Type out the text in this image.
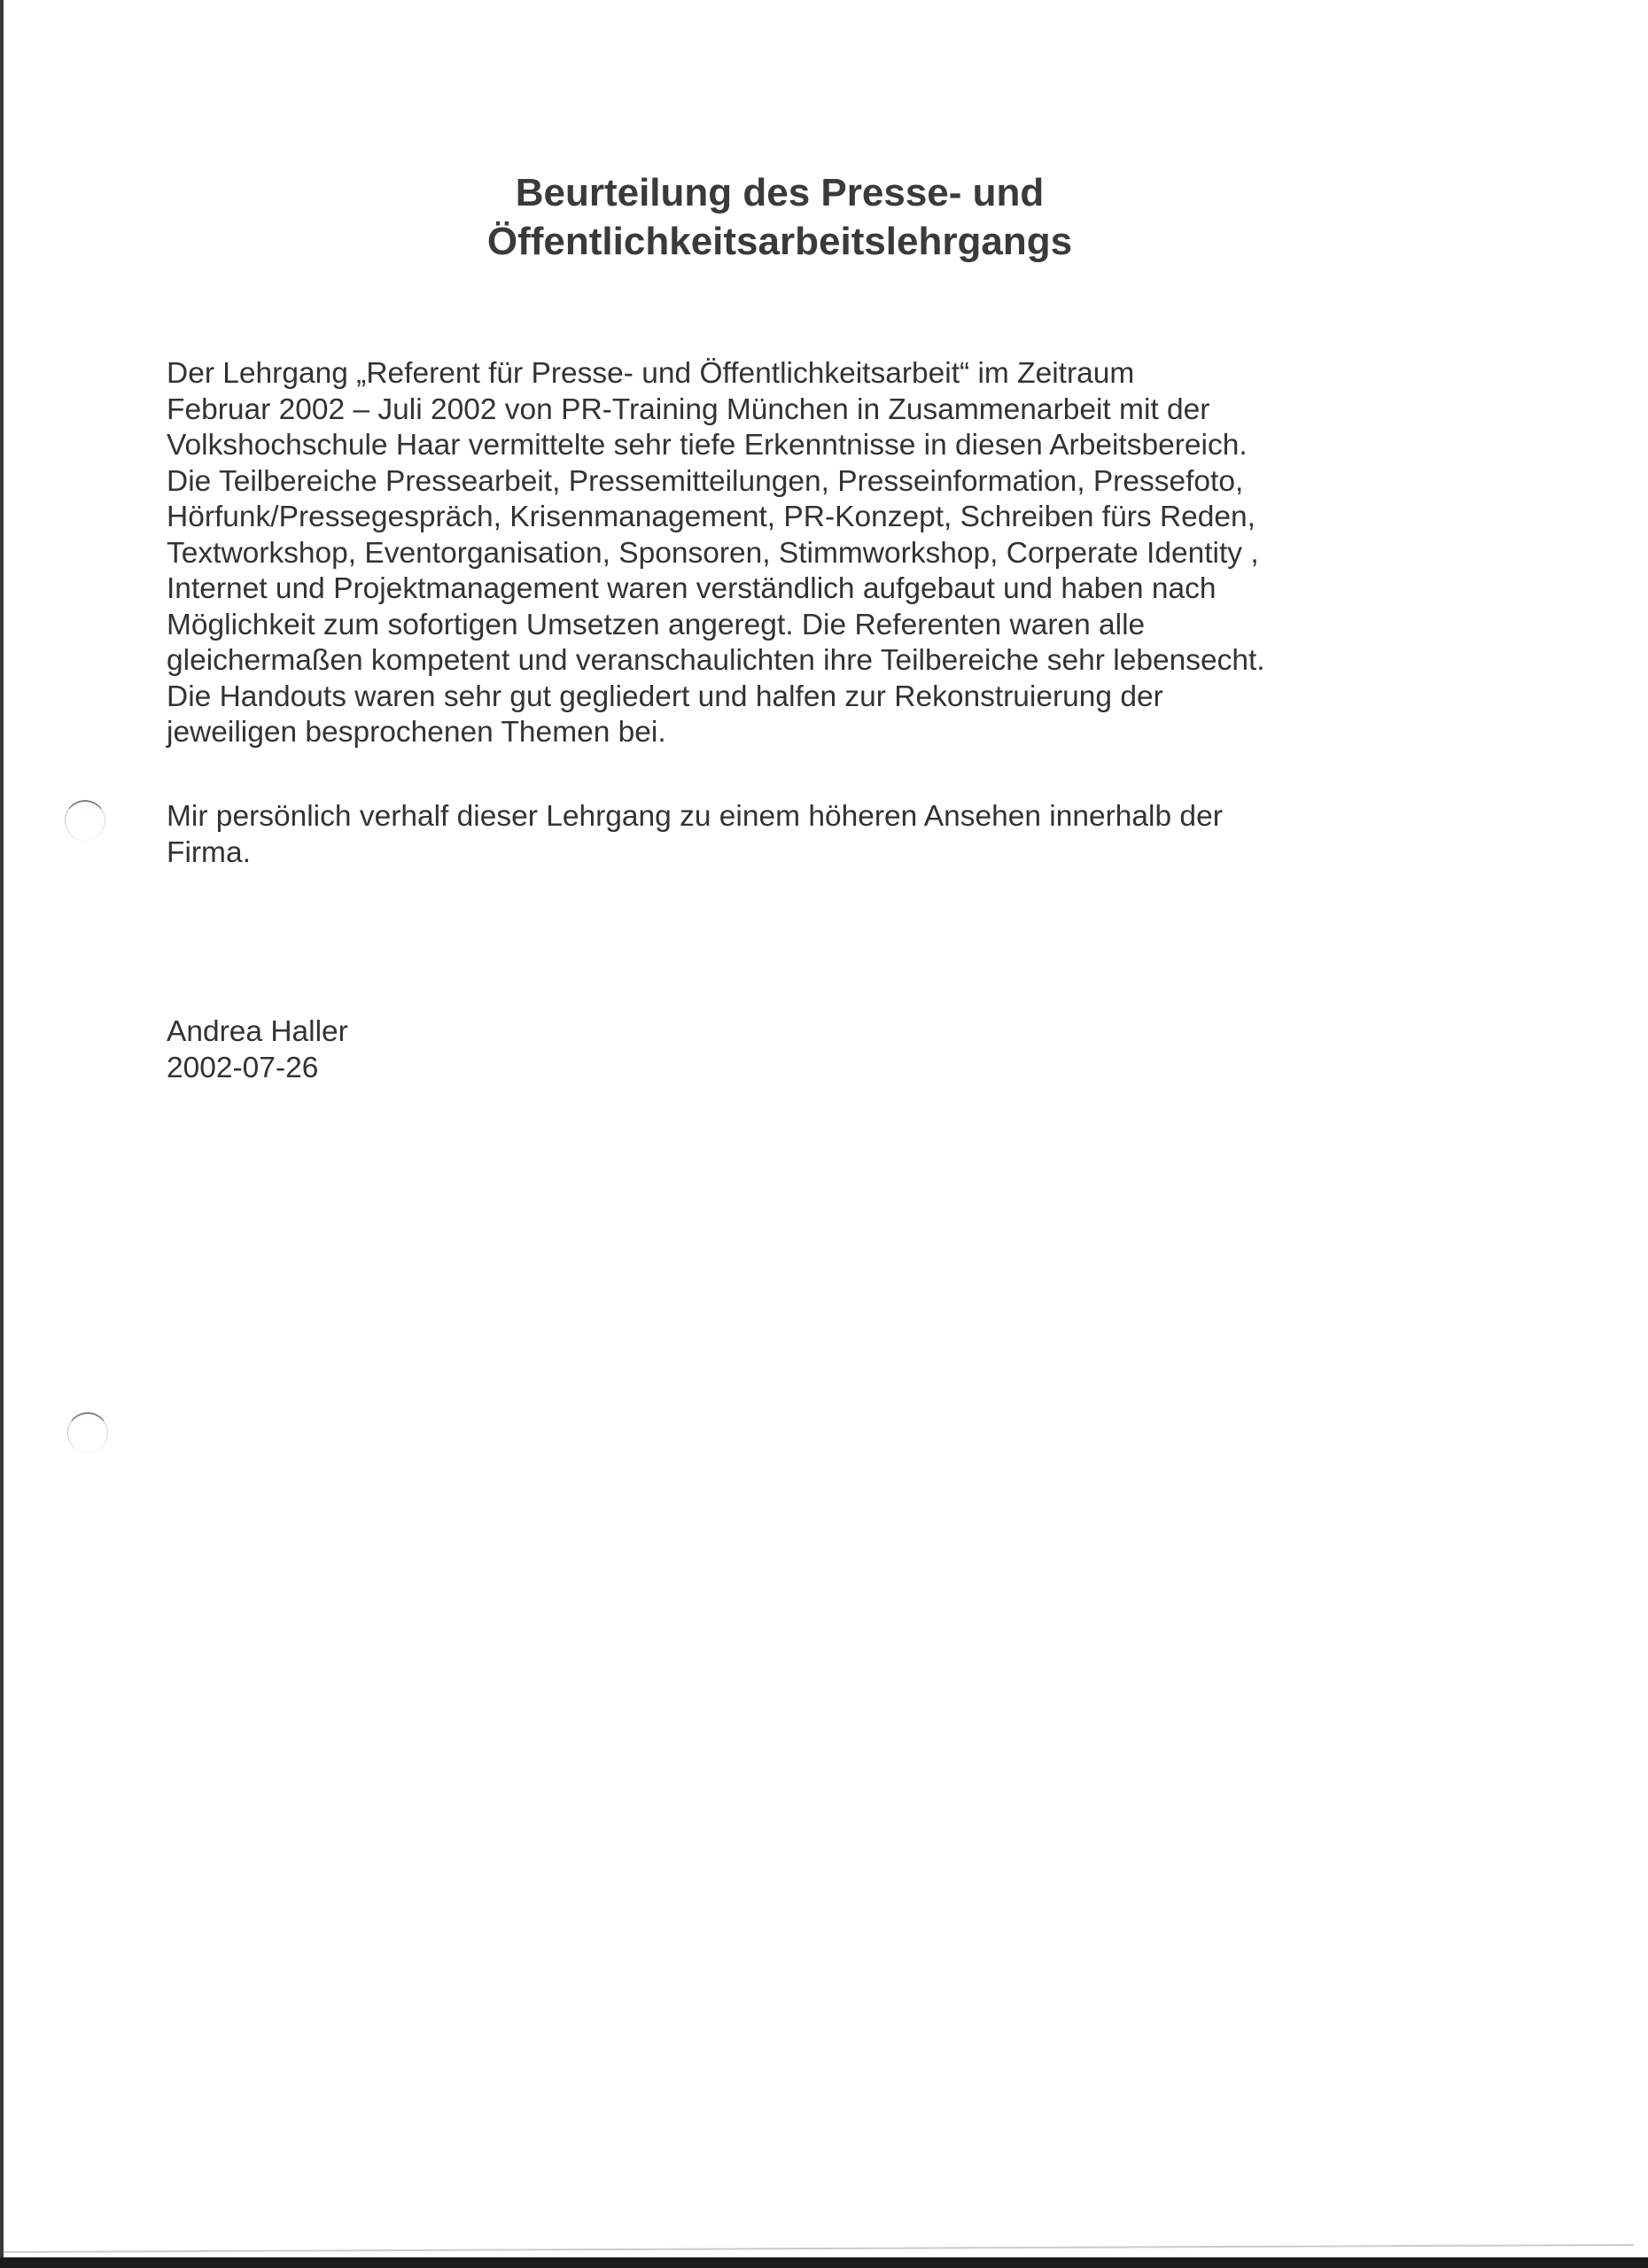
Beurteilung des Presse- und
Öffentlichkeitsarbeitslehrgangs
Der Lehrgang „Referent für Presse- und Öffentlichkeitsarbeit“ im Zeitraum
Februar 2002 – Juli 2002 von PR-Training München in Zusammenarbeit mit der
Volkshochschule Haar vermittelte sehr tiefe Erkenntnisse in diesen Arbeitsbereich.
Die Teilbereiche Pressearbeit, Pressemitteilungen, Presseinformation, Pressefoto,
Hörfunk/Pressegespräch, Krisenmanagement, PR-Konzept, Schreiben fürs Reden,
Textworkshop, Eventorganisation, Sponsoren, Stimmworkshop, Corperate Identity ,
Internet und Projektmanagement waren verständlich aufgebaut und haben nach
Möglichkeit zum sofortigen Umsetzen angeregt. Die Referenten waren alle
gleichermaßen kompetent und veranschaulichten ihre Teilbereiche sehr lebensecht.
Die Handouts waren sehr gut gegliedert und halfen zur Rekonstruierung der
jeweiligen besprochenen Themen bei.
Mir persönlich verhalf dieser Lehrgang zu einem höheren Ansehen innerhalb der
Firma.
Andrea Haller
2002-07-26
